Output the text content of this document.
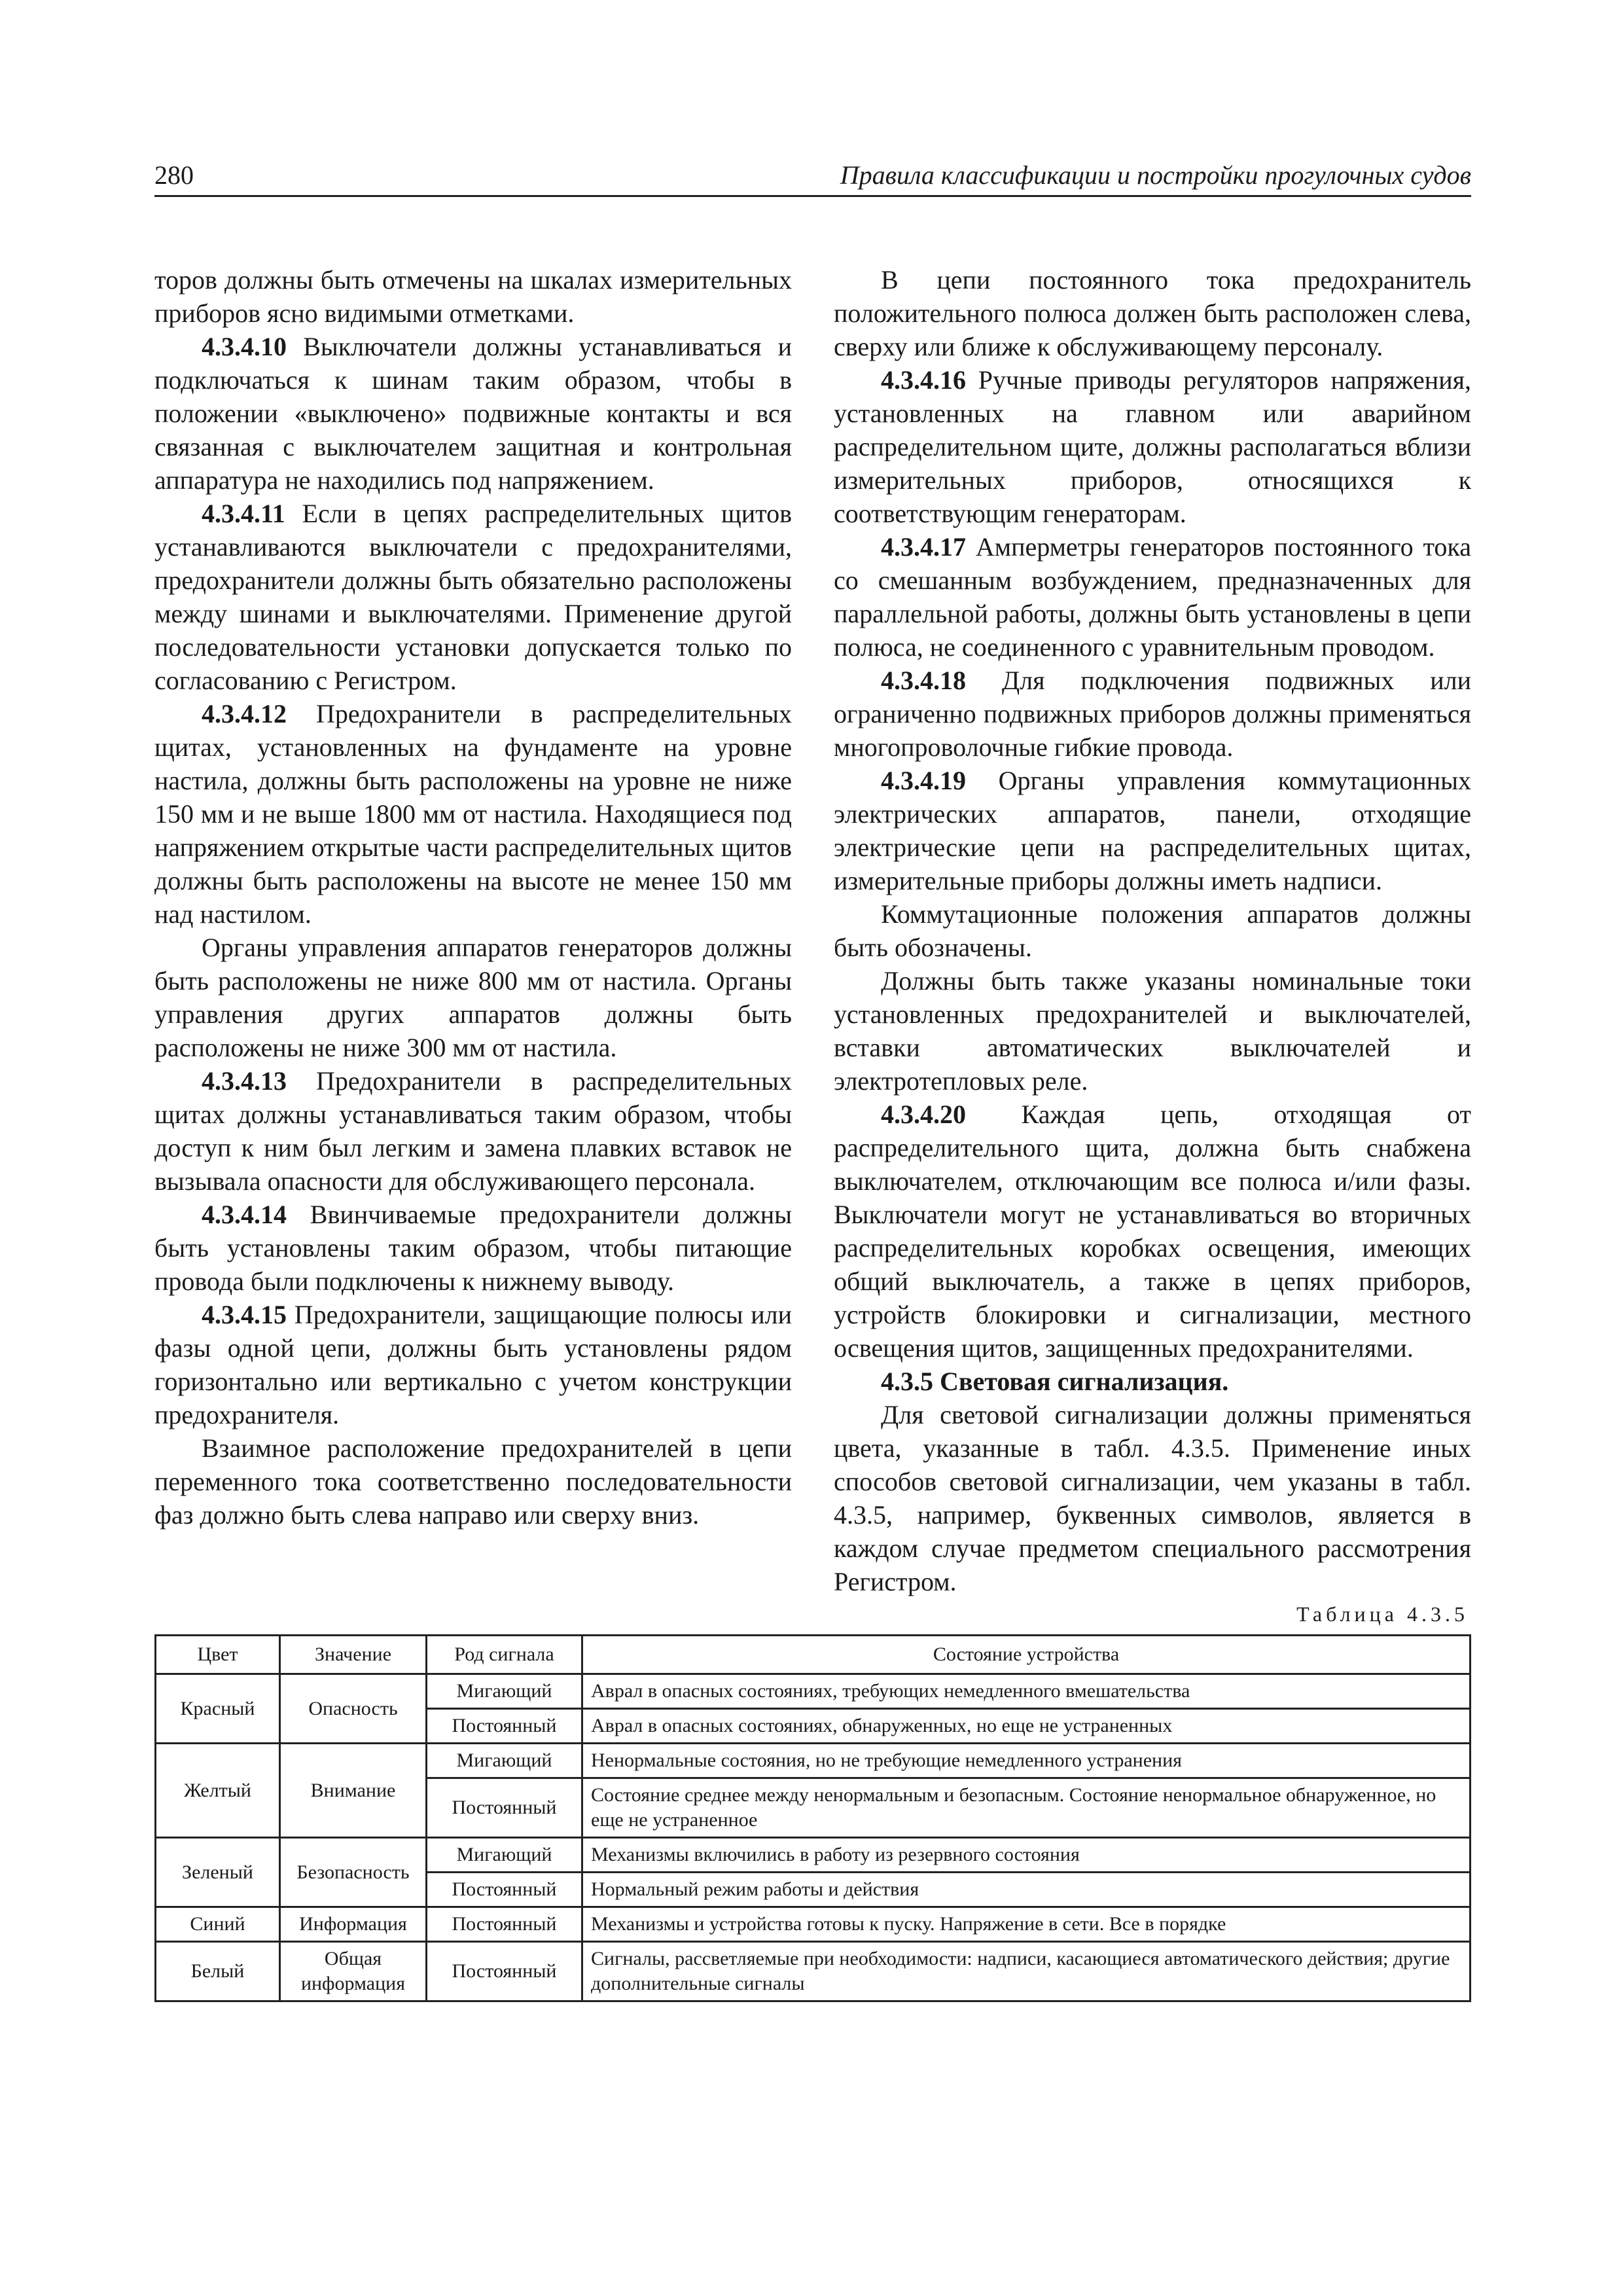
280	Правила классификации и постройки прогулочных судов

торов должны быть отмечены на шкалах измерительных приборов ясно видимыми отметками.

4.3.4.10 Выключатели должны устанавливаться и подключаться к шинам таким образом, чтобы в положении «выключено» подвижные контакты и вся связанная с выключателем защитная и контрольная аппаратура не находились под напряжением.

4.3.4.11 Если в цепях распределительных щитов устанавливаются выключатели с предохранителями, предохранители должны быть обязательно расположены между шинами и выключателями. Применение другой последовательности установки допускается только по согласованию с Регистром.

4.3.4.12 Предохранители в распределительных щитах, установленных на фундаменте на уровне настила, должны быть расположены на уровне не ниже 150 мм и не выше 1800 мм от настила. Находящиеся под напряжением открытые части распределительных щитов должны быть расположены на высоте не менее 150 мм над настилом.

Органы управления аппаратов генераторов должны быть расположены не ниже 800 мм от настила. Органы управления других аппаратов должны быть расположены не ниже 300 мм от настила.

4.3.4.13 Предохранители в распределительных щитах должны устанавливаться таким образом, чтобы доступ к ним был легким и замена плавких вставок не вызывала опасности для обслуживающего персонала.

4.3.4.14 Ввинчиваемые предохранители должны быть установлены таким образом, чтобы питающие провода были подключены к нижнему выводу.

4.3.4.15 Предохранители, защищающие полюсы или фазы одной цепи, должны быть установлены рядом горизонтально или вертикально с учетом конструкции предохранителя.

Взаимное расположение предохранителей в цепи переменного тока соответственно последовательности фаз должно быть слева направо или сверху вниз.

В цепи постоянного тока предохранитель положительного полюса должен быть расположен слева, сверху или ближе к обслуживающему персоналу.

4.3.4.16 Ручные приводы регуляторов напряжения, установленных на главном или аварийном распределительном щите, должны располагаться вблизи измерительных приборов, относящихся к соответствующим генераторам.

4.3.4.17 Амперметры генераторов постоянного тока со смешанным возбуждением, предназначенных для параллельной работы, должны быть установлены в цепи полюса, не соединенного с уравнительным проводом.

4.3.4.18 Для подключения подвижных или ограниченно подвижных приборов должны применяться многопроволочные гибкие провода.

4.3.4.19 Органы управления коммутационных электрических аппаратов, панели, отходящие электрические цепи на распределительных щитах, измерительные приборы должны иметь надписи.

Коммутационные положения аппаратов должны быть обозначены.

Должны быть также указаны номинальные токи установленных предохранителей и выключателей, вставки автоматических выключателей и электротепловых реле.

4.3.4.20 Каждая цепь, отходящая от распределительного щита, должна быть снабжена выключателем, отключающим все полюса и/или фазы. Выключатели могут не устанавливаться во вторичных распределительных коробках освещения, имеющих общий выключатель, а также в цепях приборов, устройств блокировки и сигнализации, местного освещения щитов, защищенных предохранителями.

4.3.5 Световая сигнализация.

Для световой сигнализации должны применяться цвета, указанные в табл. 4.3.5. Применение иных способов световой сигнализации, чем указаны в табл. 4.3.5, например, буквенных символов, является в каждом случае предметом специального рассмотрения Регистром.

Таблица 4.3.5
Цвет	Значение	Род сигнала	Состояние устройства
Красный	Опасность	Мигающий	Аврал в опасных состояниях, требующих немедленного вмешательства
		Постоянный	Аврал в опасных состояниях, обнаруженных, но еще не устраненных
Желтый	Внимание	Мигающий	Ненормальные состояния, но не требующие немедленного устранения
		Постоянный	Состояние среднее между ненормальным и безопасным. Состояние ненормальное обнаруженное, но еще не устраненное
Зеленый	Безопасность	Мигающий	Механизмы включились в работу из резервного состояния
		Постоянный	Нормальный режим работы и действия
Синий	Информация	Постоянный	Механизмы и устройства готовы к пуску. Напряжение в сети. Все в порядке
Белый	Общая информация	Постоянный	Сигналы, рассветляемые при необходимости: надписи, касающиеся автоматического действия; другие дополнительные сигналы
